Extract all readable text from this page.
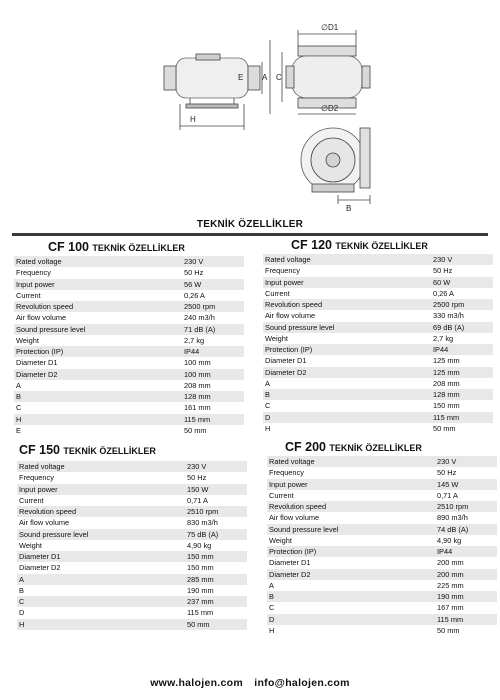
∅D1
∅D2
A
B
C
E
H
TEKNİK ÖZELLİKLER
CF 100 TEKNİK ÖZELLİKLER
Rated voltage	230 V
Frequency	50 Hz
Input power	56 W
Current	0,26 A
Revolution speed	2500 rpm
Air flow volume	240 m3/h
Sound pressure level	71 dB (A)
Weight	2,7 kg
Protection (IP)	IP44
Diameter D1	100 mm
Diameter D2	100 mm
A	208 mm
B	128 mm
C	161 mm
H	115 mm
E	50 mm
CF 120 TEKNİK ÖZELLİKLER
Rated voltage	230 V
Frequency	50 Hz
Input power	60 W
Current	0,26 A
Revolution speed	2500 rpm
Air flow volume	330 m3/h
Sound pressure level	69 dB (A)
Weight	2,7 kg
Protection (IP)	IP44
Diameter D1	125 mm
Diameter D2	125 mm
A	208 mm
B	128 mm
C	150 mm
D	115 mm
H	50 mm
CF 150 TEKNİK ÖZELLİKLER
Rated voltage	230 V
Frequency	50 Hz
Input power	150 W
Current	0,71 A
Revolution speed	2510 rpm
Air flow volume	830 m3/h
Sound pressure level	75 dB (A)
Weight	4,90 kg
Diameter D1	150 mm
Diameter D2	150 mm
A	285 mm
B	190 mm
C	237 mm
D	115 mm
H	50 mm
CF 200 TEKNİK ÖZELLİKLER
Rated voltage	230 V
Frequency	50 Hz
Input power	145 W
Current	0,71 A
Revolution speed	2510 rpm
Air flow volume	890 m3/h
Sound pressure level	74 dB (A)
Weight	4,90 kg
Protection (IP)	IP44
Diameter D1	200 mm
Diameter D2	200 mm
A	225 mm
B	190 mm
C	167 mm
D	115 mm
H	50 mm
www.halojen.com info@halojen.com
